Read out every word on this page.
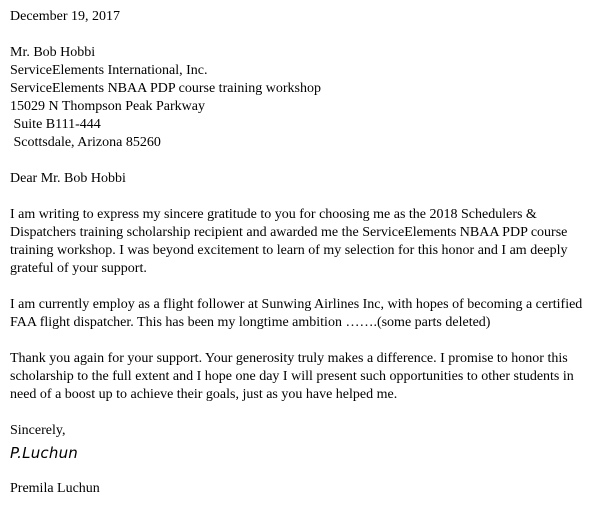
December 19, 2017
Mr. Bob Hobbi
ServiceElements International, Inc.
ServiceElements NBAA PDP course training workshop
15029 N Thompson Peak Parkway
Suite B111-444
Scottsdale, Arizona 85260
Dear Mr. Bob Hobbi

I am writing to express my sincere gratitude to you for choosing me as the 2018 Schedulers & Dispatchers training scholarship recipient and awarded me the ServiceElements NBAA PDP course training workshop. I was beyond excitement to learn of my selection for this honor and I am deeply grateful of your support.

I am currently employ as a flight follower at Sunwing Airlines Inc, with hopes of becoming a certified FAA flight dispatcher. This has been my longtime ambition …….(some parts deleted)

Thank you again for your support. Your generosity truly makes a difference. I promise to honor this scholarship to the full extent and I hope one day I will present such opportunities to other students in need of a boost up to achieve their goals, just as you have helped me.

Sincerely,
P.Luchun
Premila Luchun
